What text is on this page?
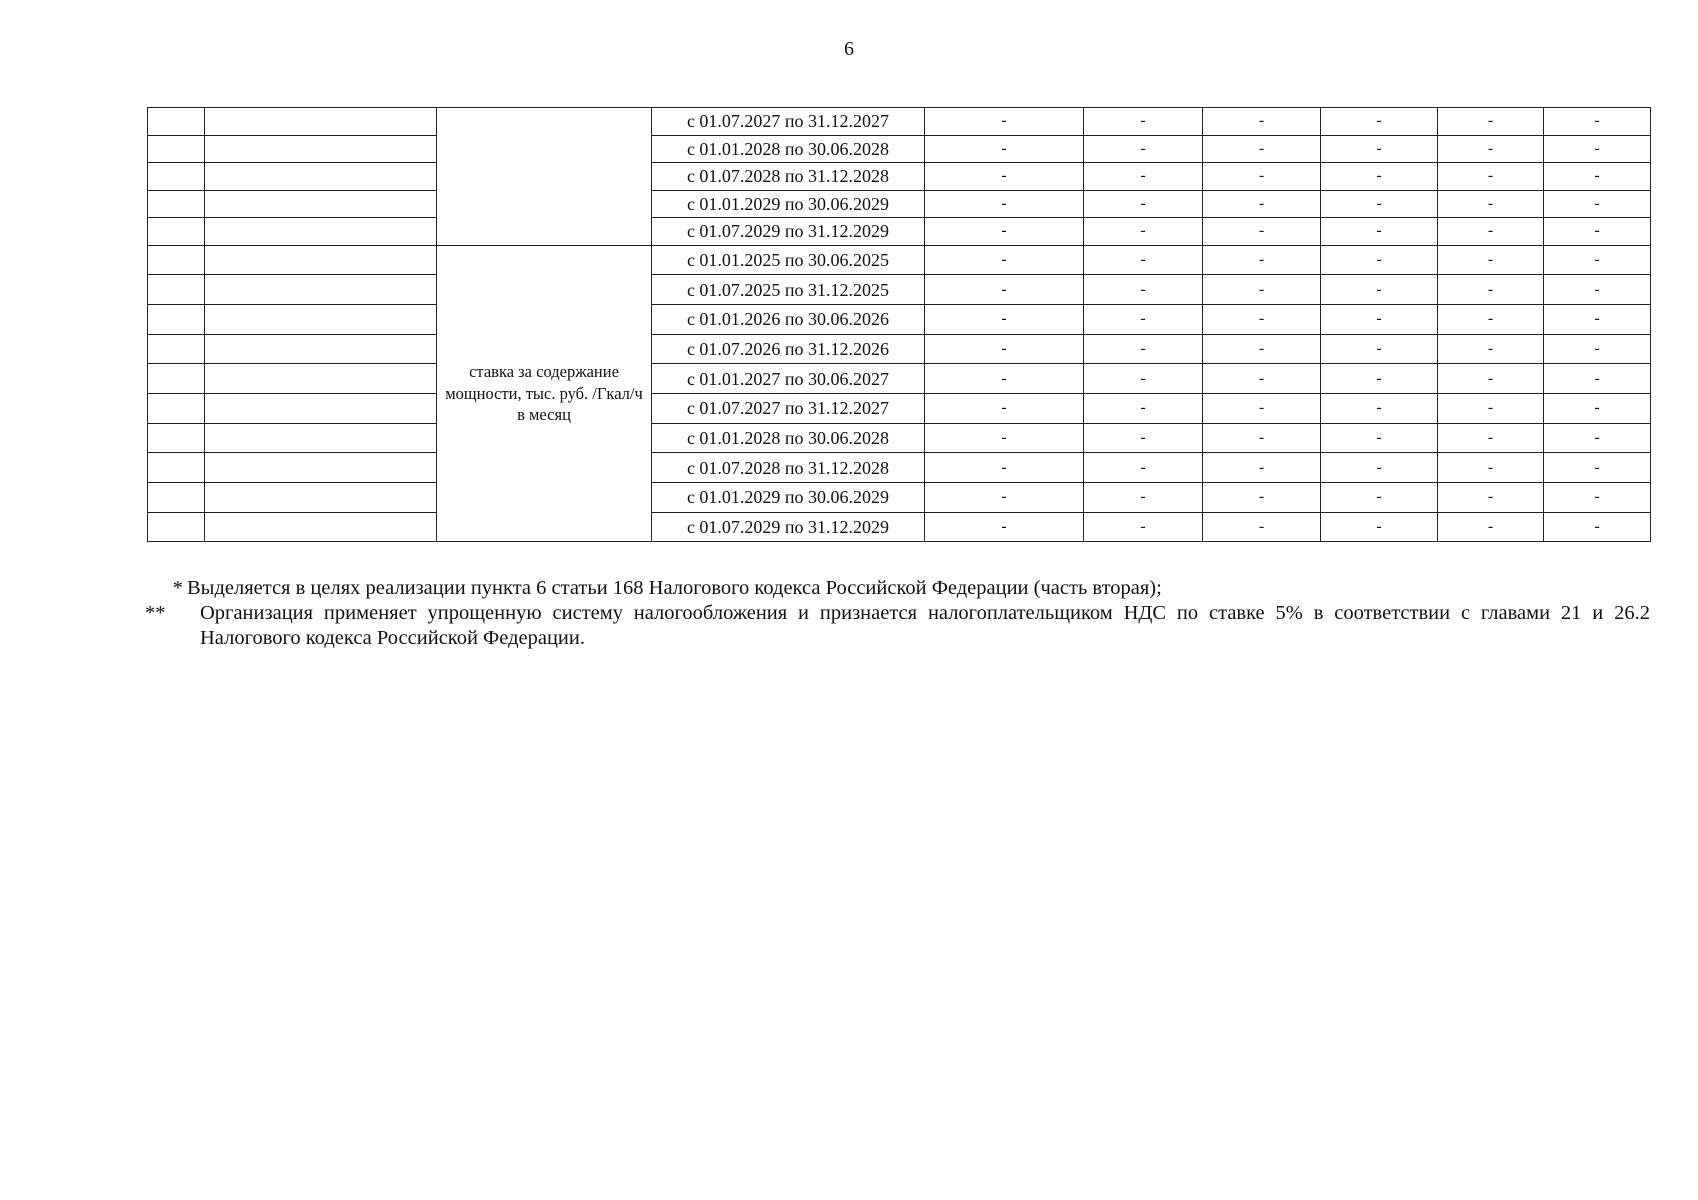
6
			с 01.07.2027 по 31.12.2027	-	-	-	-	-	-
			с 01.01.2028 по 30.06.2028	-	-	-	-	-	-
			с 01.07.2028 по 31.12.2028	-	-	-	-	-	-
			с 01.01.2029 по 30.06.2029	-	-	-	-	-	-
			с 01.07.2029 по 31.12.2029	-	-	-	-	-	-
		ставка за содержание мощности, тыс. руб. /Гкал/ч в месяц	с 01.01.2025 по 30.06.2025	-	-	-	-	-	-
			с 01.07.2025 по 31.12.2025	-	-	-	-	-	-
			с 01.01.2026 по 30.06.2026	-	-	-	-	-	-
			с 01.07.2026 по 31.12.2026	-	-	-	-	-	-
			с 01.01.2027 по 30.06.2027	-	-	-	-	-	-
			с 01.07.2027 по 31.12.2027	-	-	-	-	-	-
			с 01.01.2028 по 30.06.2028	-	-	-	-	-	-
			с 01.07.2028 по 31.12.2028	-	-	-	-	-	-
			с 01.01.2029 по 30.06.2029	-	-	-	-	-	-
			с 01.07.2029 по 31.12.2029	-	-	-	-	-	-
* Выделяется в целях реализации пункта 6 статьи 168 Налогового кодекса Российской Федерации (часть вторая);
**	Организация применяет упрощенную систему налогообложения и признается налогоплательщиком НДС по ставке 5% в соответствии с главами 21 и 26.2 Налогового кодекса Российской Федерации.
